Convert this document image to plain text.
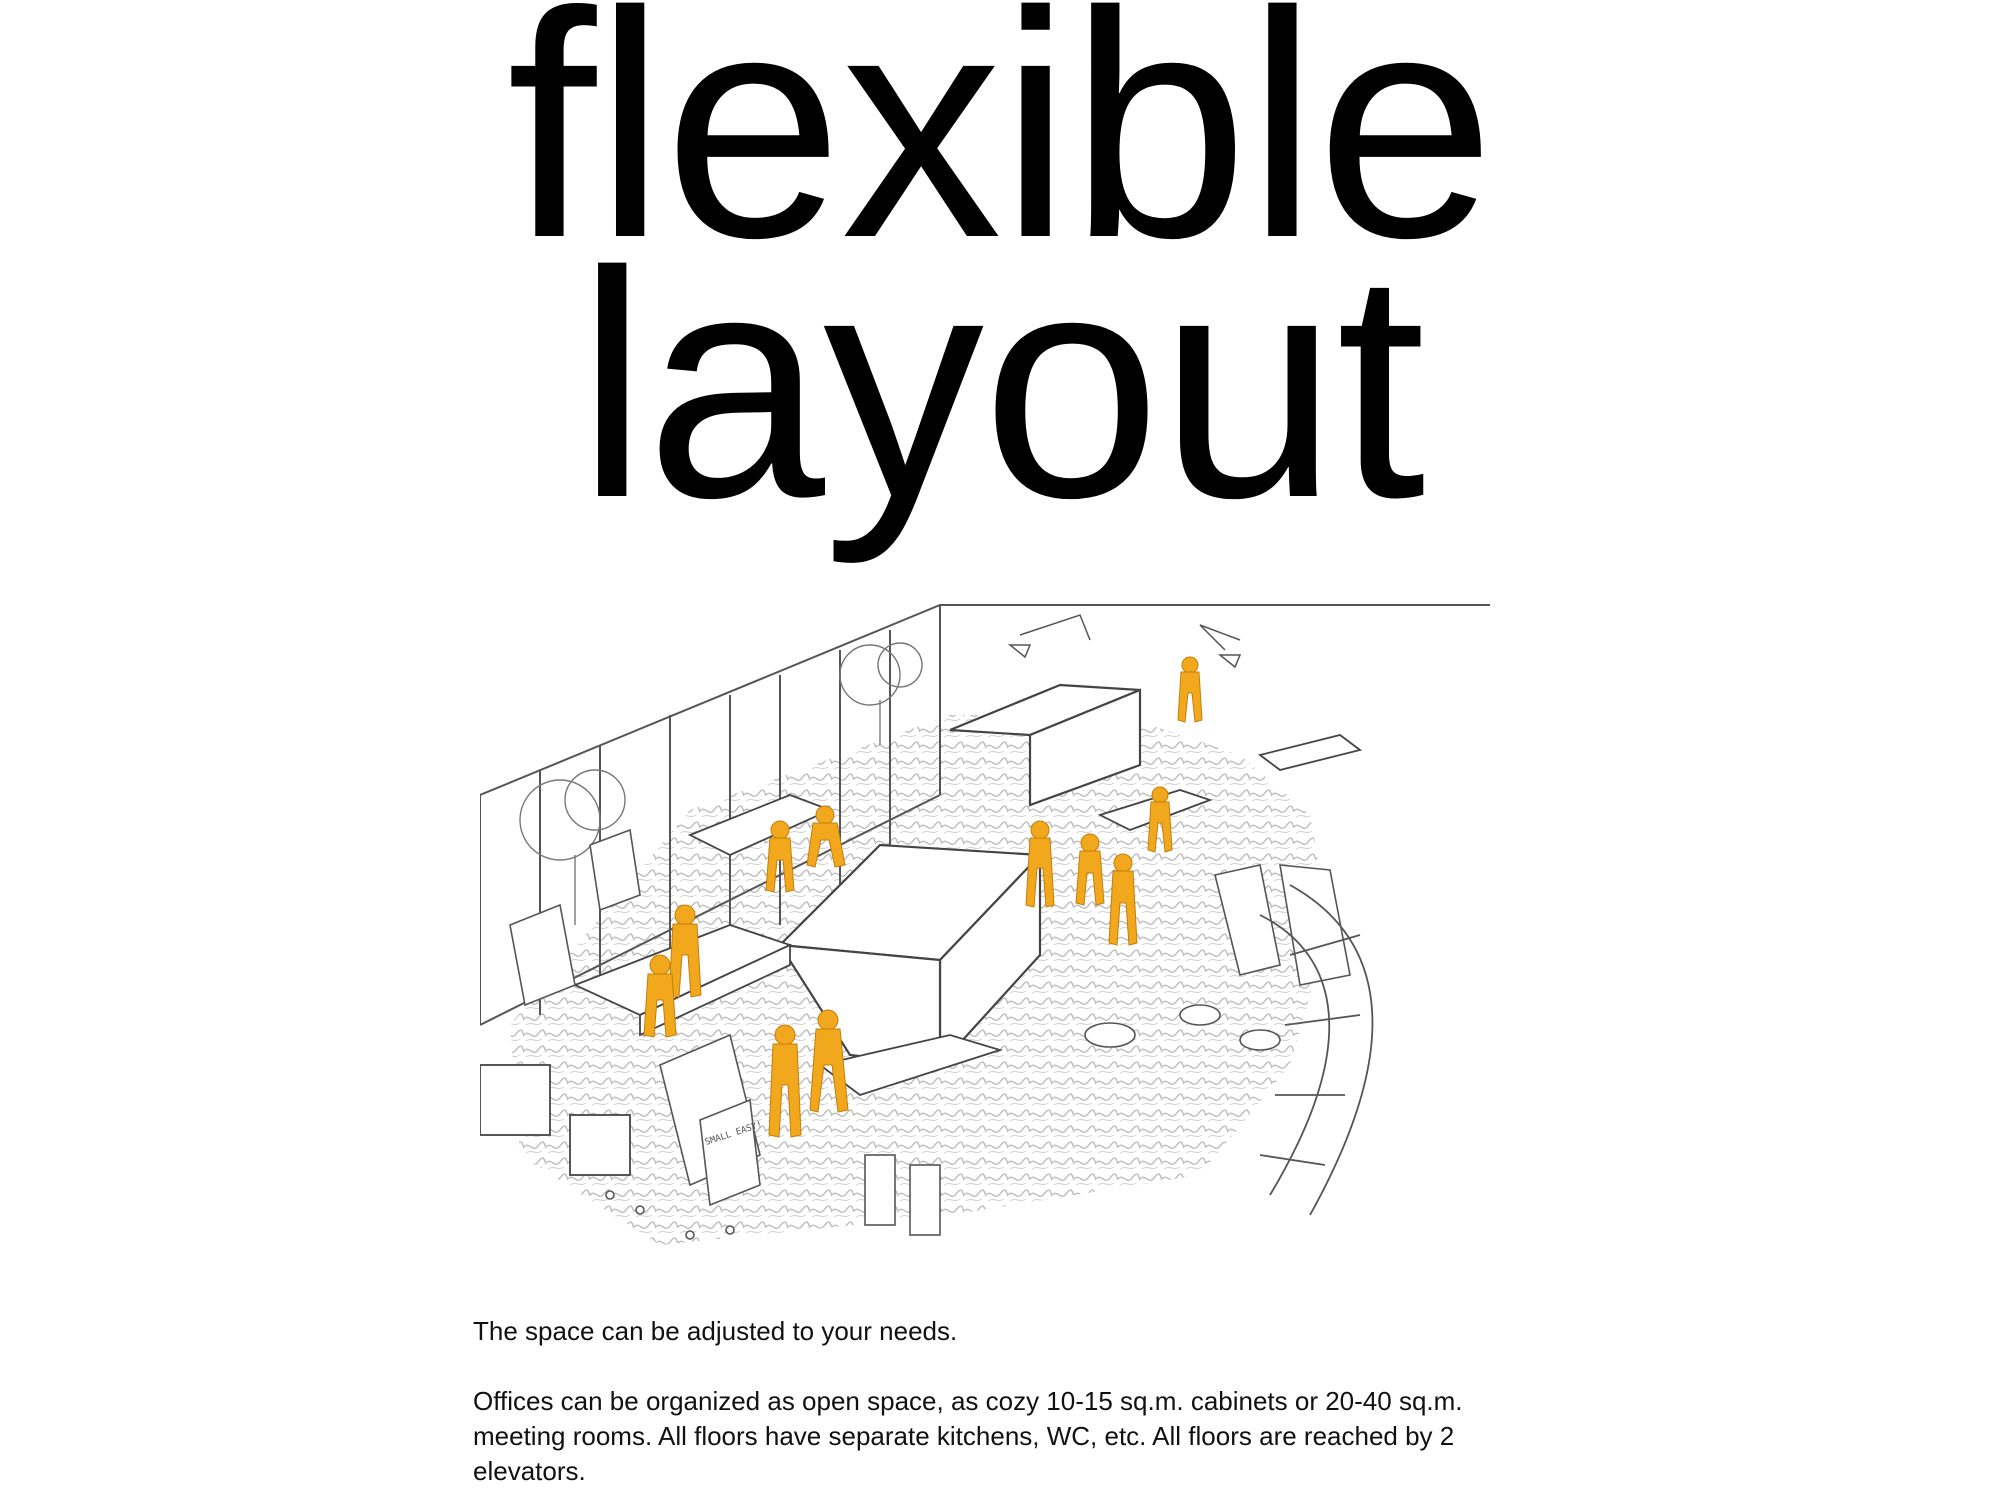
flexible
layout
SMALL EASY!

The space can be adjusted to your needs.

Offices can be organized as open space, as cozy 10-15 sq.m. cabinets or 20-40 sq.m. meeting rooms. All floors have separate kitchens, WC, etc. All floors are reached by 2 elevators.
